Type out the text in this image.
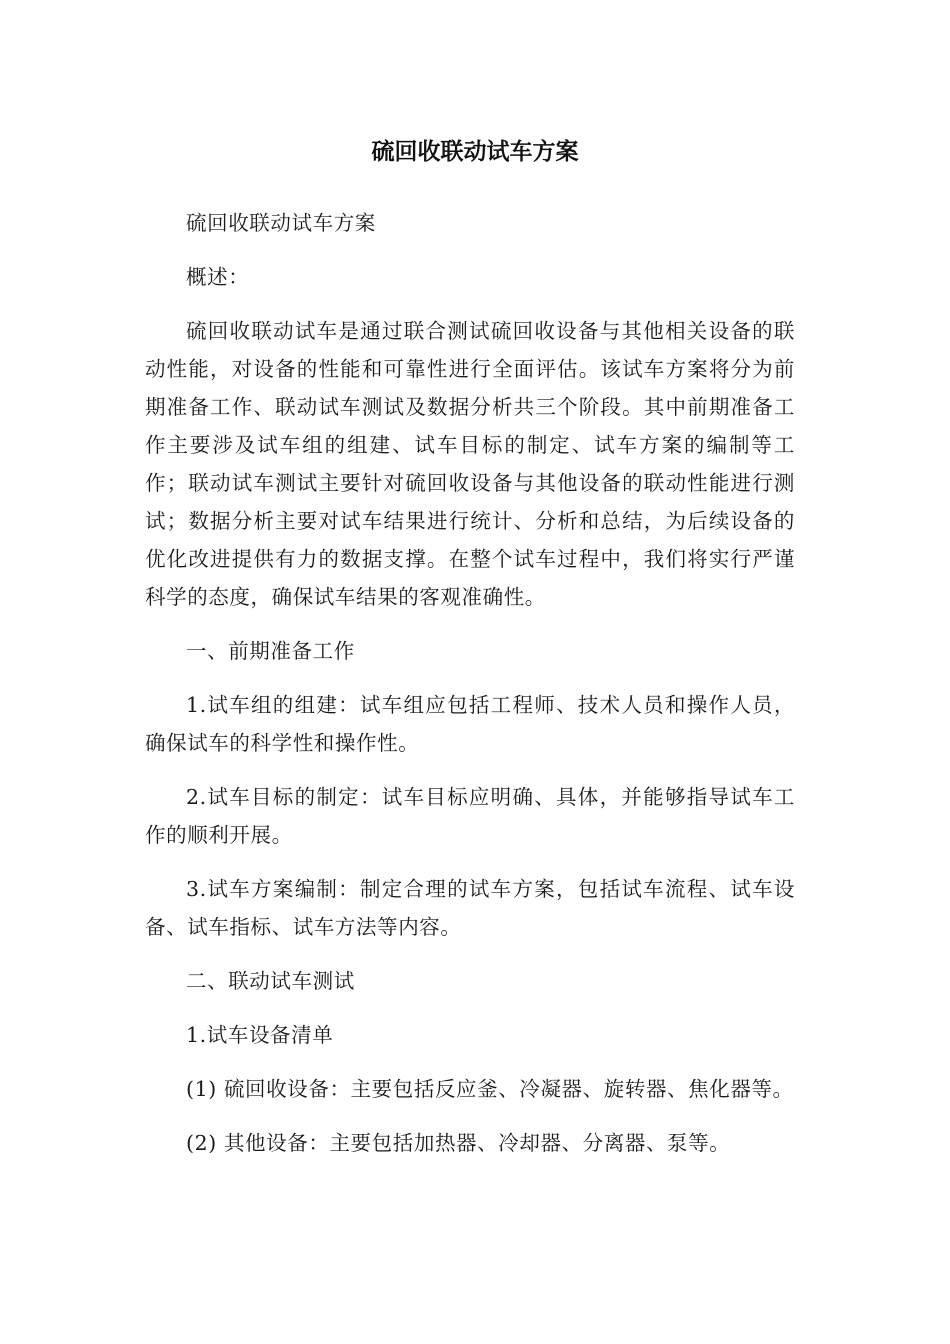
硫回收联动试车方案

硫回收联动试车方案

概述：

硫回收联动试车是通过联合测试硫回收设备与其他相关设备的联动性能，对设备的性能和可靠性进行全面评估。该试车方案将分为前期准备工作、联动试车测试及数据分析共三个阶段。其中前期准备工作主要涉及试车组的组建、试车目标的制定、试车方案的编制等工作；联动试车测试主要针对硫回收设备与其他设备的联动性能进行测试；数据分析主要对试车结果进行统计、分析和总结，为后续设备的优化改进提供有力的数据支撑。在整个试车过程中，我们将实行严谨科学的态度，确保试车结果的客观准确性。

一、前期准备工作

1.试车组的组建：试车组应包括工程师、技术人员和操作人员，确保试车的科学性和操作性。

2.试车目标的制定：试车目标应明确、具体，并能够指导试车工作的顺利开展。

3.试车方案编制：制定合理的试车方案，包括试车流程、试车设备、试车指标、试车方法等内容。

二、联动试车测试

1.试车设备清单

(1) 硫回收设备：主要包括反应釜、冷凝器、旋转器、焦化器等。

(2) 其他设备：主要包括加热器、冷却器、分离器、泵等。
